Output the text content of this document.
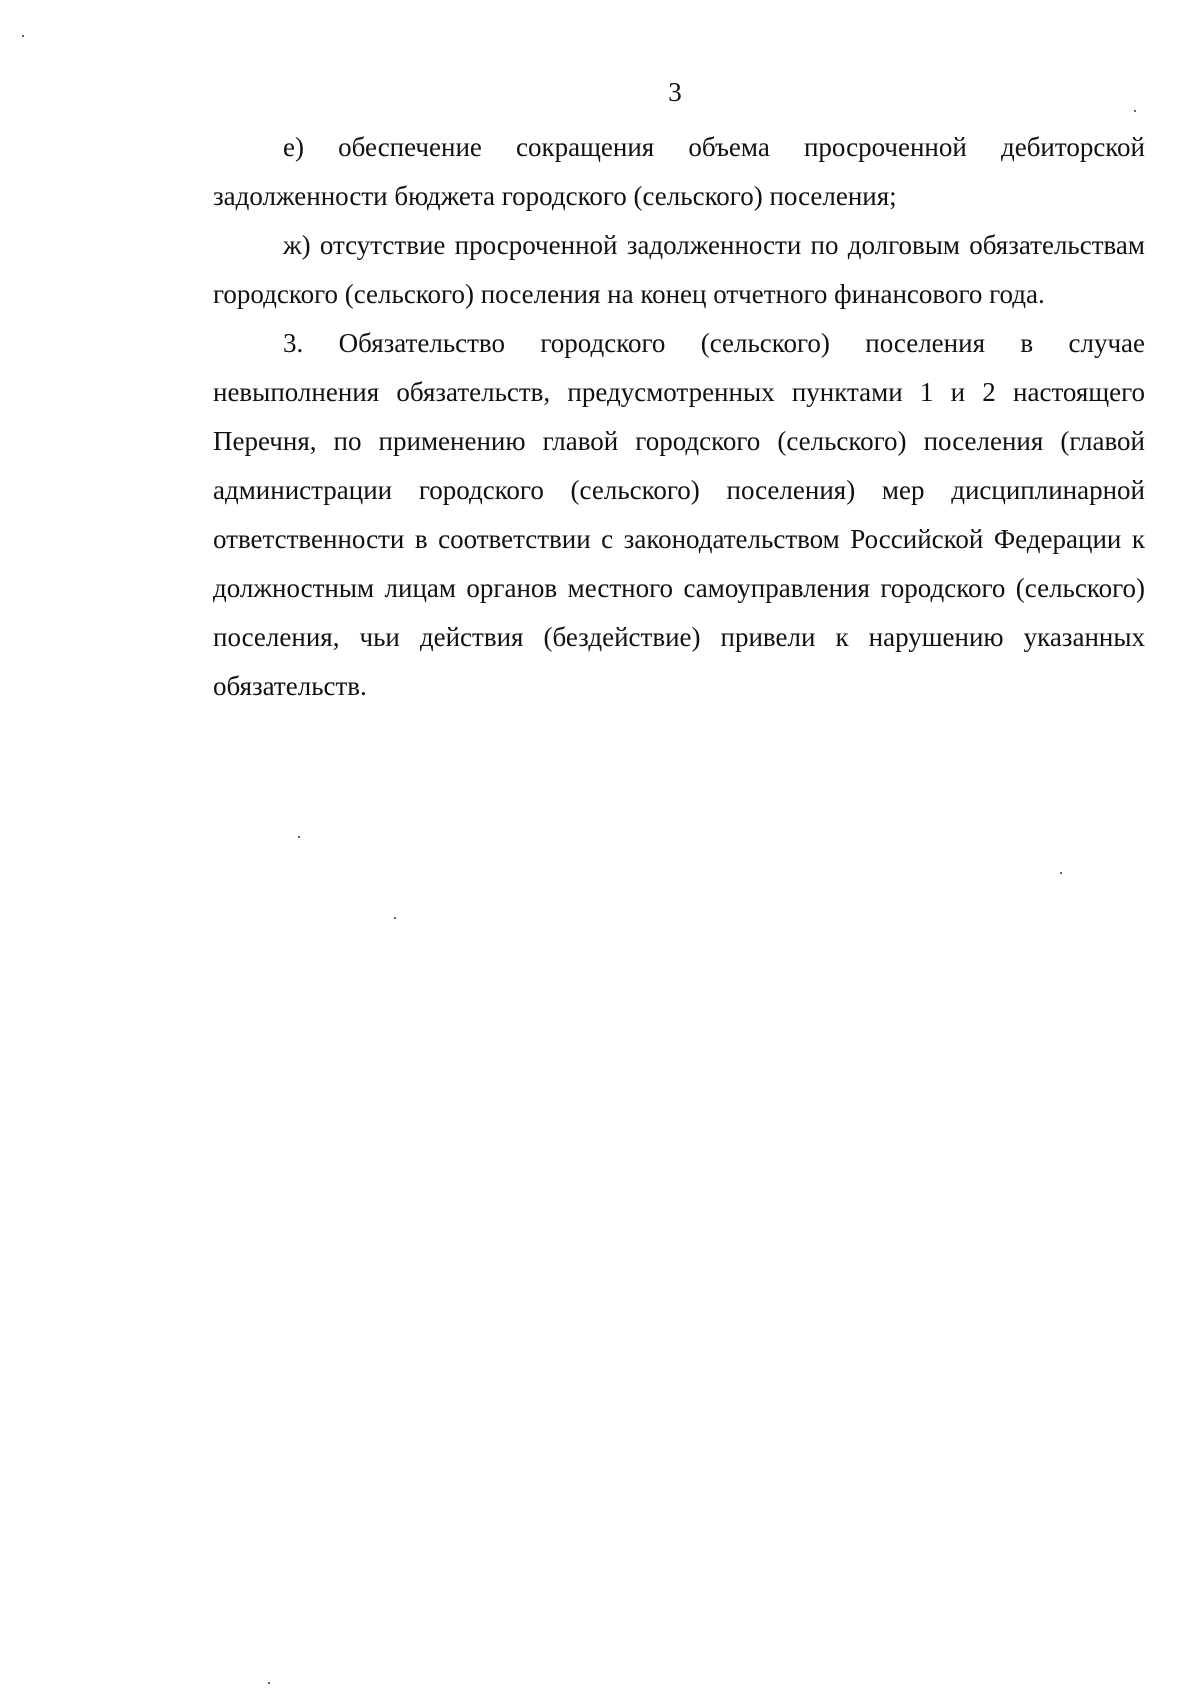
3

е) обеспечение сокращения объема просроченной дебиторской задолженности бюджета городского (сельского) поселения;

ж) отсутствие просроченной задолженности по долговым обязательствам городского (сельского) поселения на конец отчетного финансового года.

3. Обязательство городского (сельского) поселения в случае невыполнения обязательств, предусмотренных пунктами 1 и 2 настоящего Перечня, по применению главой городского (сельского) поселения (главой администрации городского (сельского) поселения) мер дисциплинарной ответственности в соответствии с законодательством Российской Федерации к должностным лицам органов местного самоуправления городского (сельского) поселения, чьи действия (бездействие) привели к нарушению указанных обязательств.
